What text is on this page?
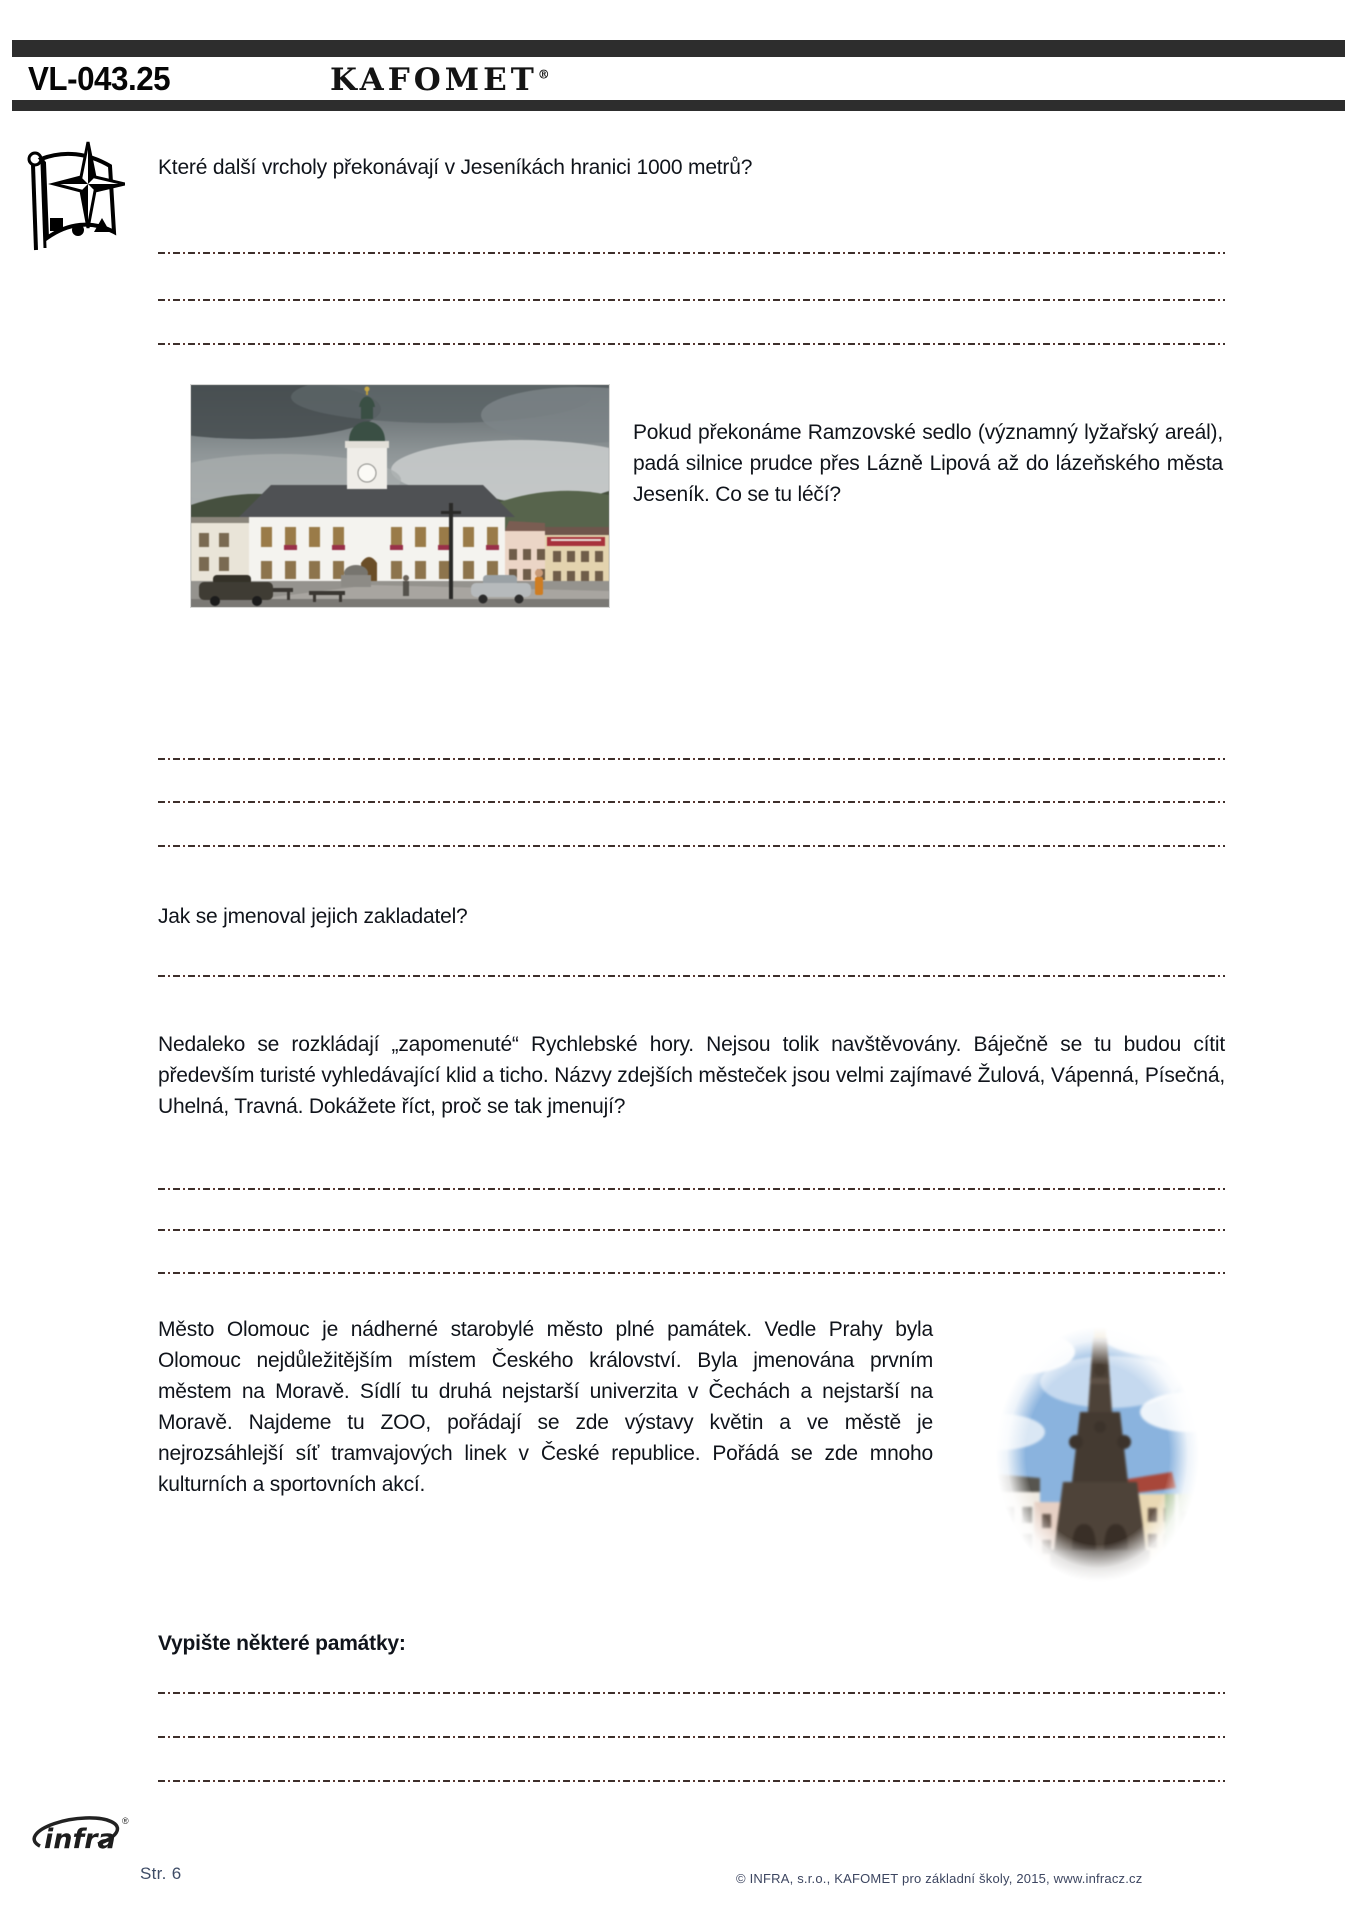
VL-043.25	KAFOMET®
Které další vrcholy překonávají v Jeseníkách hranici 1000 metrů?
Pokud překonáme Ramzovské sedlo (významný lyžařský areál), padá silnice prudce přes Lázně Lipová až do lázeňského města Jeseník. Co se tu léčí?
Jak se jmenoval jejich zakladatel?
Nedaleko se rozkládají „zapomenuté“ Rychlebské hory. Nejsou tolik navštěvovány. Báječně se tu budou cítit především turisté vyhledávající klid a ticho. Názvy zdejších městeček jsou velmi zajímavé Žulová, Vápenná, Písečná, Uhelná, Travná. Dokážete říct, proč se tak jmenují?
Město Olomouc je nádherné starobylé město plné památek. Vedle Prahy byla Olomouc nejdůležitějším místem Českého království. Byla jmenována prvním městem na Moravě. Sídlí tu druhá nejstarší univerzita v Čechách a nejstarší na Moravě. Najdeme tu ZOO, pořádají se zde výstavy květin a ve městě je nejrozsáhlejší síť tramvajových linek v České republice. Pořádá se zde mnoho kulturních a sportovních akcí.
Vypište některé památky:
infra
®
Str. 6	© INFRA, s.r.o., KAFOMET pro základní školy, 2015, www.infracz.cz
